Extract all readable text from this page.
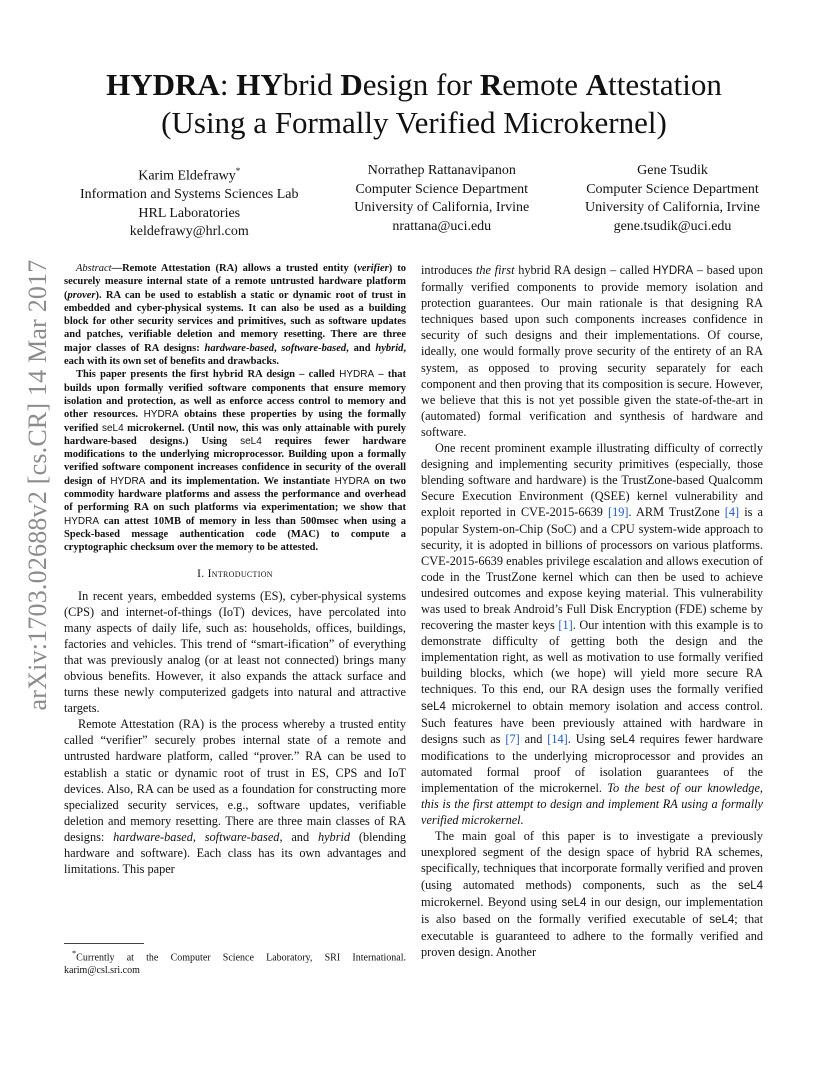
arXiv:1703.02688v2 [cs.CR] 14 Mar 2017
HYDRA: HYbrid Design for Remote Attestation
(Using a Formally Verified Microkernel)
Karim Eldefrawy*
Information and Systems Sciences Lab
HRL Laboratories
keldefrawy@hrl.com
Norrathep Rattanavipanon
Computer Science Department
University of California, Irvine
nrattana@uci.edu
Gene Tsudik
Computer Science Department
University of California, Irvine
gene.tsudik@uci.edu

Abstract—Remote Attestation (RA) allows a trusted entity (verifier) to securely measure internal state of a remote untrusted hardware platform (prover). RA can be used to establish a static or dynamic root of trust in embedded and cyber-physical systems. It can also be used as a building block for other security services and primitives, such as software updates and patches, verifiable deletion and memory resetting. There are three major classes of RA designs: hardware-based, software-based, and hybrid, each with its own set of benefits and drawbacks.

This paper presents the first hybrid RA design – called HYDRA – that builds upon formally verified software components that ensure memory isolation and protection, as well as enforce access control to memory and other resources. HYDRA obtains these properties by using the formally verified seL4 microkernel. (Until now, this was only attainable with purely hardware-based designs.) Using seL4 requires fewer hardware modifications to the underlying microprocessor. Building upon a formally verified software component increases confidence in security of the overall design of HYDRA and its implementation. We instantiate HYDRA on two commodity hardware platforms and assess the performance and overhead of performing RA on such platforms via experimentation; we show that HYDRA can attest 10MB of memory in less than 500msec when using a Speck-based message authentication code (MAC) to compute a cryptographic checksum over the memory to be attested.

I. Introduction

In recent years, embedded systems (ES), cyber-physical systems (CPS) and internet-of-things (IoT) devices, have percolated into many aspects of daily life, such as: households, offices, buildings, factories and vehicles. This trend of “smart-ification” of everything that was previously analog (or at least not connected) brings many obvious benefits. However, it also expands the attack surface and turns these newly computerized gadgets into natural and attractive targets.

Remote Attestation (RA) is the process whereby a trusted entity called “verifier” securely probes internal state of a remote and untrusted hardware platform, called “prover.” RA can be used to establish a static or dynamic root of trust in ES, CPS and IoT devices. Also, RA can be used as a foundation for constructing more specialized security services, e.g., software updates, verifiable deletion and memory resetting. There are three main classes of RA designs: hardware-based, software-based, and hybrid (blending hardware and software). Each class has its own advantages and limitations. This paper

*Currently at the Computer Science Laboratory, SRI International. karim@csl.sri.com

introduces the first hybrid RA design – called HYDRA – based upon formally verified components to provide memory isolation and protection guarantees. Our main rationale is that designing RA techniques based upon such components increases confidence in security of such designs and their implementations. Of course, ideally, one would formally prove security of the entirety of an RA system, as opposed to proving security separately for each component and then proving that its composition is secure. However, we believe that this is not yet possible given the state-of-the-art in (automated) formal verification and synthesis of hardware and software.

One recent prominent example illustrating difficulty of correctly designing and implementing security primitives (especially, those blending software and hardware) is the TrustZone-based Qualcomm Secure Execution Environment (QSEE) kernel vulnerability and exploit reported in CVE-2015-6639 [19]. ARM TrustZone [4] is a popular System-on-Chip (SoC) and a CPU system-wide approach to security, it is adopted in billions of processors on various platforms. CVE-2015-6639 enables privilege escalation and allows execution of code in the TrustZone kernel which can then be used to achieve undesired outcomes and expose keying material. This vulnerability was used to break Android’s Full Disk Encryption (FDE) scheme by recovering the master keys [1]. Our intention with this example is to demonstrate difficulty of getting both the design and the implementation right, as well as motivation to use formally verified building blocks, which (we hope) will yield more secure RA techniques. To this end, our RA design uses the formally verified seL4 microkernel to obtain memory isolation and access control. Such features have been previously attained with hardware in designs such as [7] and [14]. Using seL4 requires fewer hardware modifications to the underlying microprocessor and provides an automated formal proof of isolation guarantees of the implementation of the microkernel. To the best of our knowledge, this is the first attempt to design and implement RA using a formally verified microkernel.

The main goal of this paper is to investigate a previously unexplored segment of the design space of hybrid RA schemes, specifically, techniques that incorporate formally verified and proven (using automated methods) components, such as the seL4 microkernel. Beyond using seL4 in our design, our implementation is also based on the formally verified executable of seL4; that executable is guaranteed to adhere to the formally verified and proven design. Another
